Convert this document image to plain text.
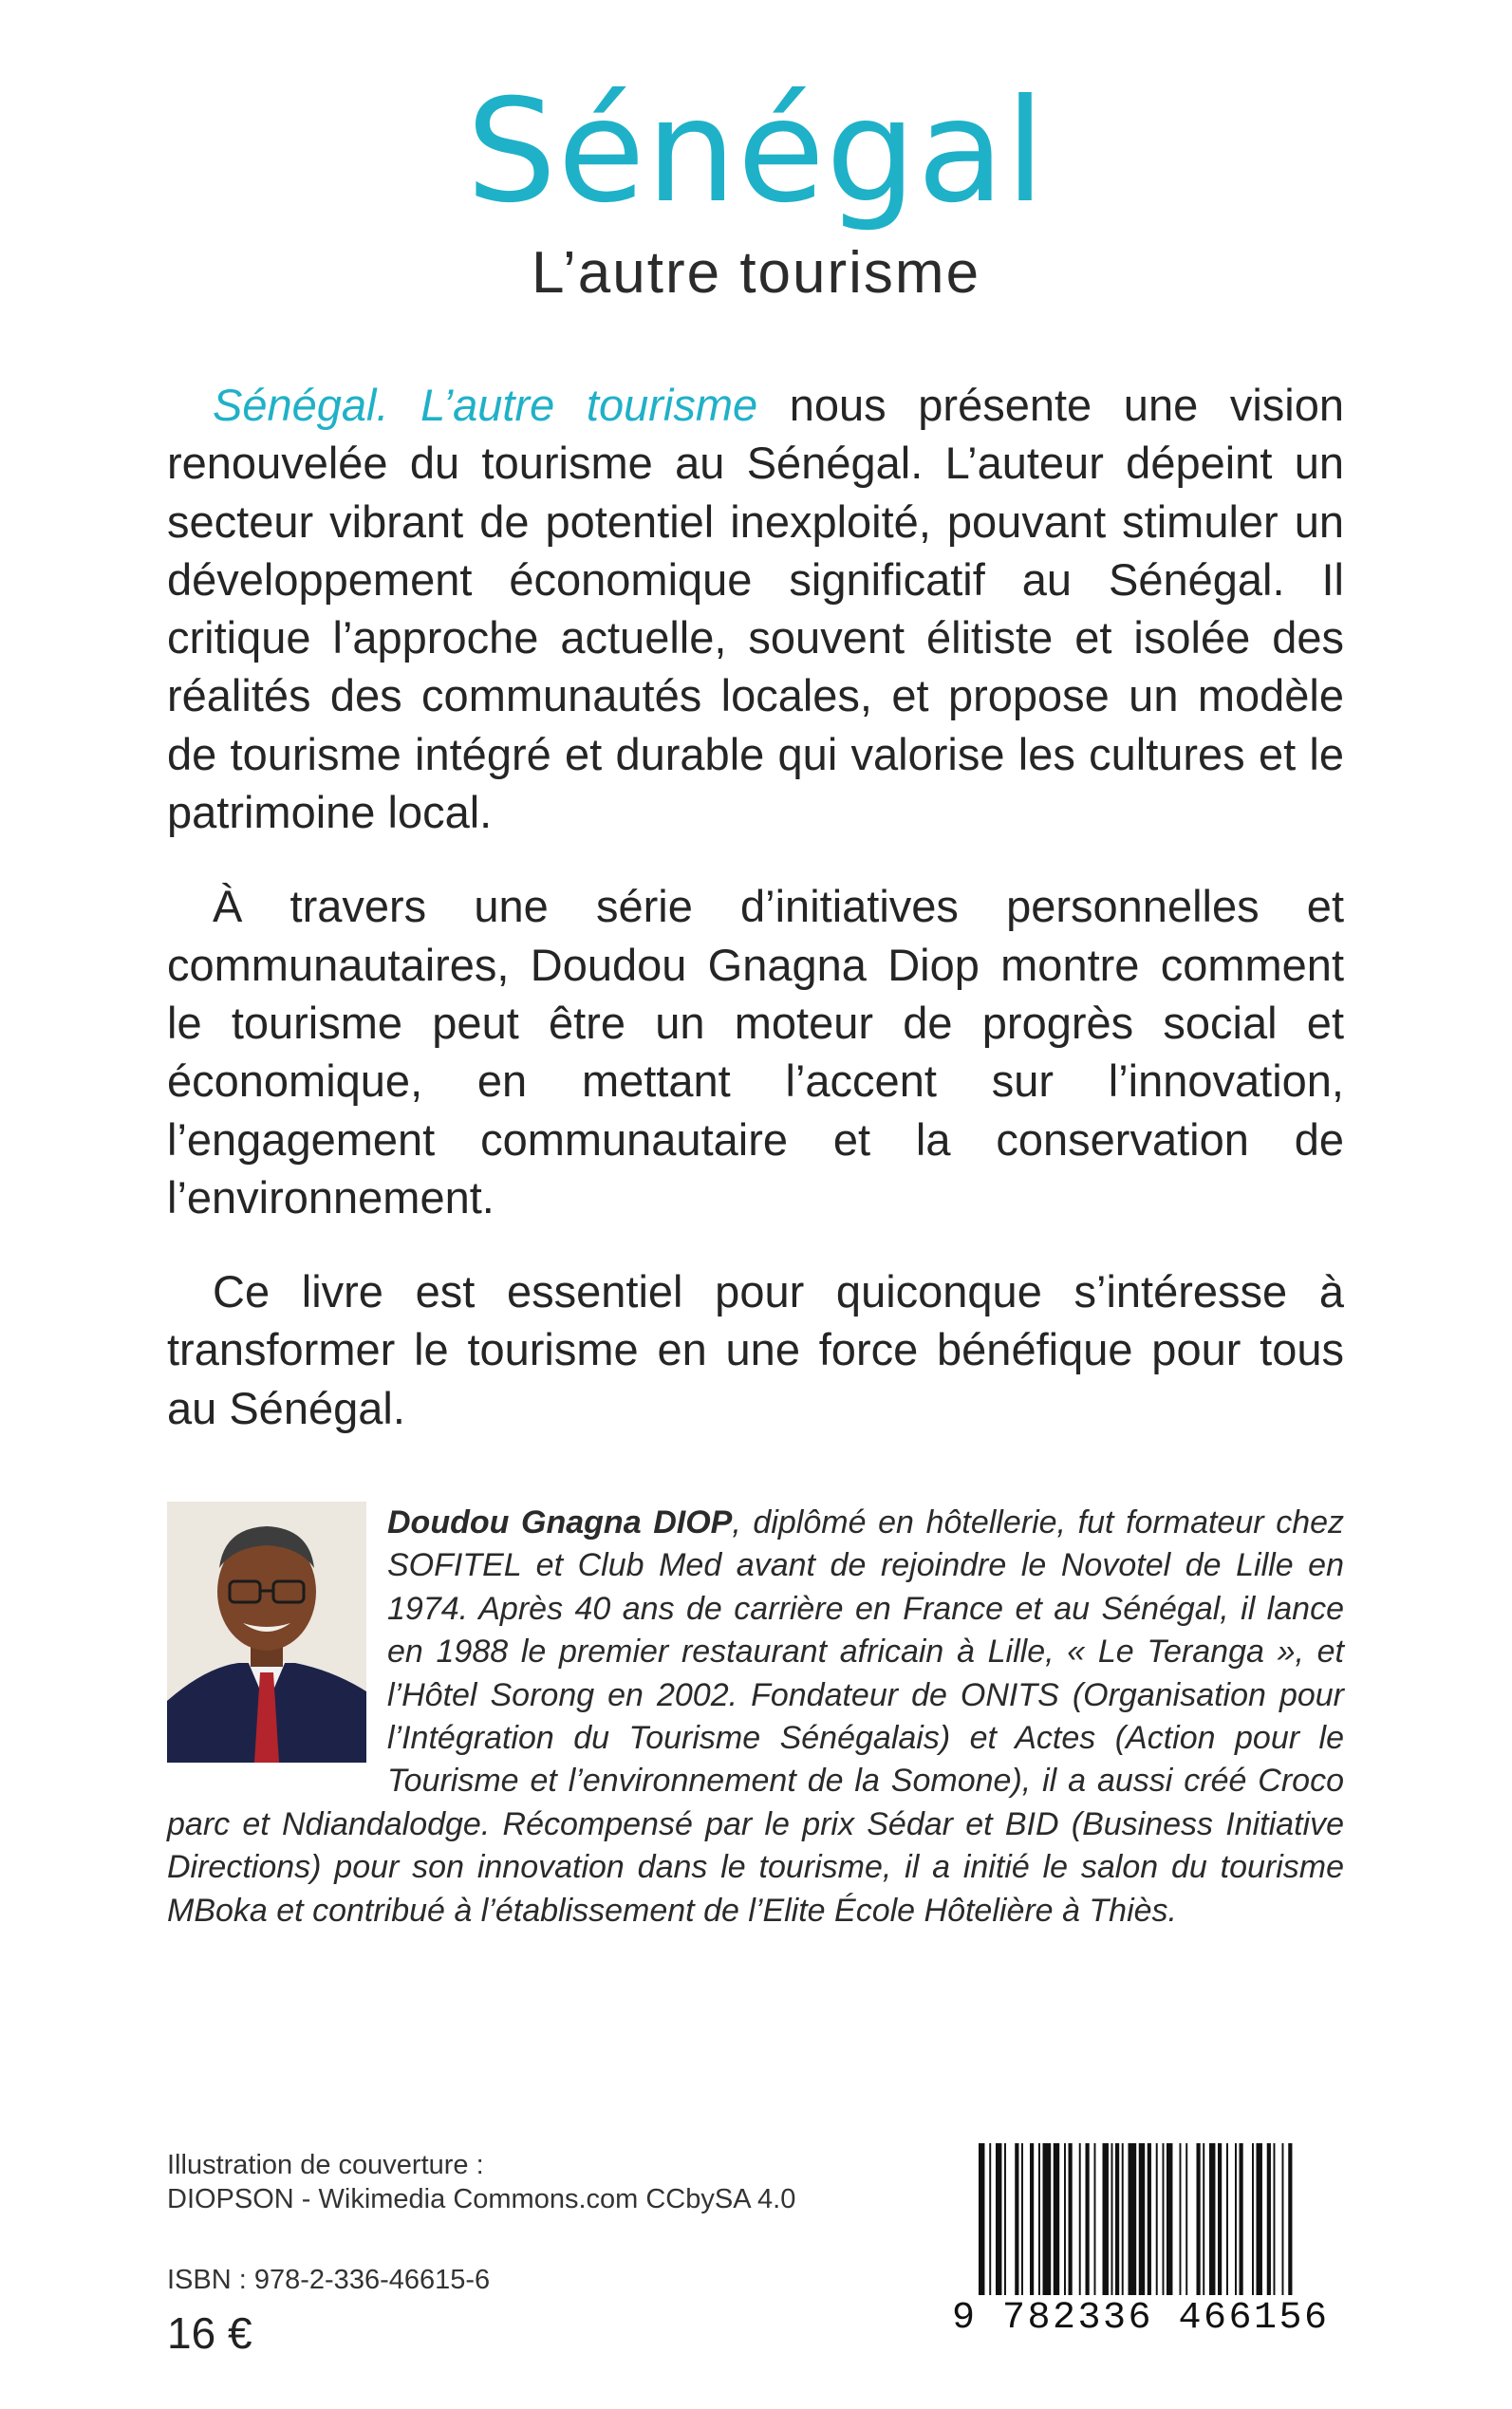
Sénégal
L’autre tourisme

Sénégal. L’autre tourisme nous présente une vision renouvelée du tourisme au Sénégal. L’auteur dépeint un secteur vibrant de potentiel inexploité, pouvant stimuler un développement économique significatif au Sénégal. Il critique l’approche actuelle, souvent élitiste et isolée des réalités des communautés locales, et propose un modèle de tourisme intégré et durable qui valorise les cultures et le patrimoine local.

À travers une série d’initiatives personnelles et communautaires, Doudou Gnagna Diop montre comment le tourisme peut être un moteur de progrès social et économique, en mettant l’accent sur l’innovation, l’engagement communautaire et la conservation de l’environnement.

Ce livre est essentiel pour quiconque s’intéresse à transformer le tourisme en une force bénéfique pour tous au Sénégal.

Doudou Gnagna DIOP, diplômé en hôtellerie, fut formateur chez SOFITEL et Club Med avant de rejoindre le Novotel de Lille en 1974. Après 40 ans de carrière en France et au Sénégal, il lance en 1988 le premier restaurant africain à Lille, « Le Teranga », et l’Hôtel Sorong en 2002. Fondateur de ONITS (Organisation pour l’Intégration du Tourisme Sénégalais) et Actes (Action pour le Tourisme et l’environnement de la Somone), il a aussi créé Croco parc et Ndiandalodge. Récompensé par le prix Sédar et BID (Business Initiative Directions) pour son innovation dans le tourisme, il a initié le salon du tourisme MBoka et contribué à l’établissement de l’Elite École Hôtelière à Thiès.
Illustration de couverture :
DIOPSON - Wikimedia Commons.com CCbySA 4.0
ISBN : 978-2-336-46615-6
16 €	9 782336 466156
